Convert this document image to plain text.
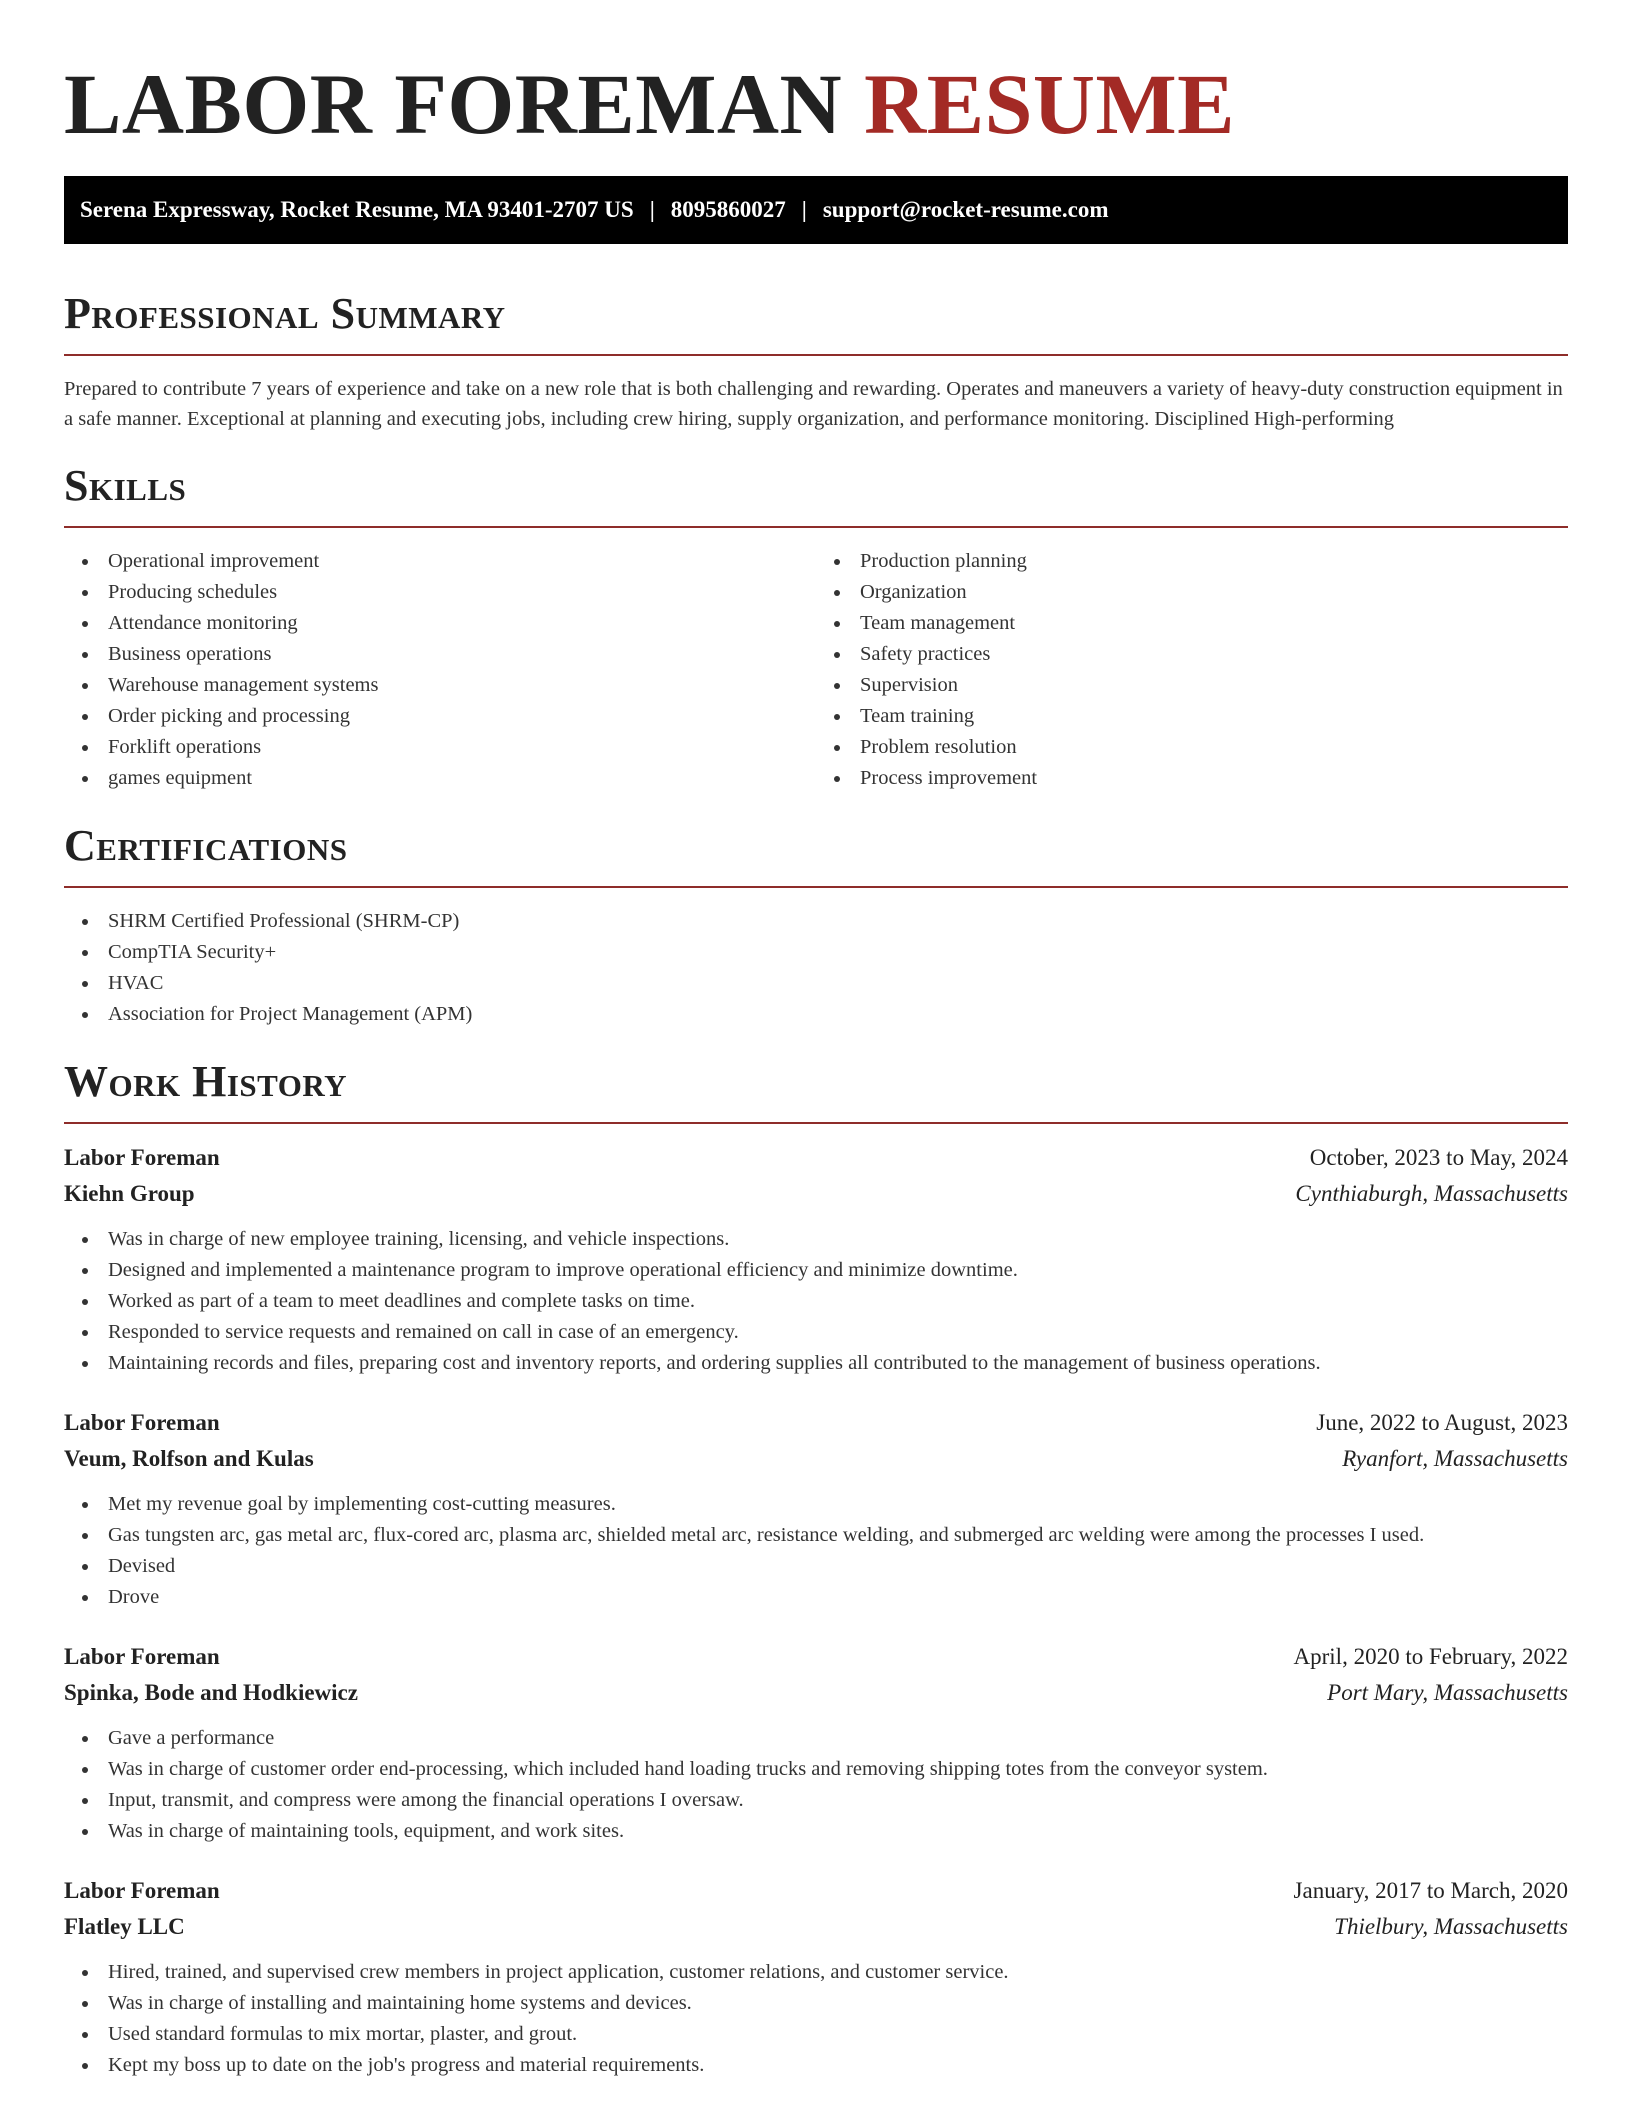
LABOR FOREMAN RESUME
Serena Expressway, Rocket Resume, MA 93401-2707 US | 8095860027 | support@rocket-resume.com
Professional Summary

Prepared to contribute 7 years of experience and take on a new role that is both challenging and rewarding. Operates and maneuvers a variety of heavy-duty construction equipment in a safe manner. Exceptional at planning and executing jobs, including crew hiring, supply organization, and performance monitoring. Disciplined High-performing

Skills
Operational improvement
Producing schedules
Attendance monitoring
Business operations
Warehouse management systems
Order picking and processing
Forklift operations
games equipment
Production planning
Organization
Team management
Safety practices
Supervision
Team training
Problem resolution
Process improvement
Certifications
SHRM Certified Professional (SHRM-CP)
CompTIA Security+
HVAC
Association for Project Management (APM)
Work History
Labor Foreman	October, 2023 to May, 2024
Kiehn Group	Cynthiaburgh, Massachusetts
Was in charge of new employee training, licensing, and vehicle inspections.
Designed and implemented a maintenance program to improve operational efficiency and minimize downtime.
Worked as part of a team to meet deadlines and complete tasks on time.
Responded to service requests and remained on call in case of an emergency.
Maintaining records and files, preparing cost and inventory reports, and ordering supplies all contributed to the management of business operations.
Labor Foreman	June, 2022 to August, 2023
Veum, Rolfson and Kulas	Ryanfort, Massachusetts
Met my revenue goal by implementing cost-cutting measures.
Gas tungsten arc, gas metal arc, flux-cored arc, plasma arc, shielded metal arc, resistance welding, and submerged arc welding were among the processes I used.
Devised
Drove
Labor Foreman	April, 2020 to February, 2022
Spinka, Bode and Hodkiewicz	Port Mary, Massachusetts
Gave a performance
Was in charge of customer order end-processing, which included hand loading trucks and removing shipping totes from the conveyor system.
Input, transmit, and compress were among the financial operations I oversaw.
Was in charge of maintaining tools, equipment, and work sites.
Labor Foreman	January, 2017 to March, 2020
Flatley LLC	Thielbury, Massachusetts
Hired, trained, and supervised crew members in project application, customer relations, and customer service.
Was in charge of installing and maintaining home systems and devices.
Used standard formulas to mix mortar, plaster, and grout.
Kept my boss up to date on the job's progress and material requirements.
